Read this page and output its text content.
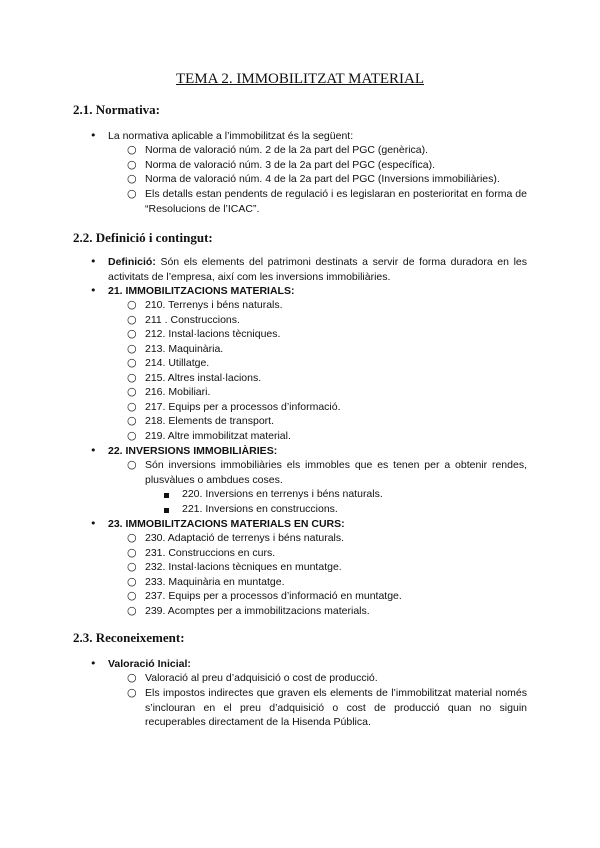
TEMA 2. IMMOBILITZAT MATERIAL
2.1. Normativa:
• La normativa aplicable a l’immobilitzat és la següent:
○ Norma de valoració núm. 2 de la 2a part del PGC (genèrica).
○ Norma de valoració núm. 3 de la 2a part del PGC (específica).
○ Norma de valoració núm. 4 de la 2a part del PGC (Inversions immobiliàries).
○ Els detalls estan pendents de regulació i es legislaran en posterioritat en forma de “Resolucions de l’ICAC”.
2.2. Definició i contingut:
• Definició: Són els elements del patrimoni destinats a servir de forma duradora en les activitats de l’empresa, així com les inversions immobiliàries.
• 21. IMMOBILITZACIONS MATERIALS:
○ 210. Terrenys i béns naturals.
○ 211 . Construccions.
○ 212. Instal·lacions tècniques.
○ 213. Maquinària.
○ 214. Utillatge.
○ 215. Altres instal·lacions.
○ 216. Mobiliari.
○ 217. Equips per a processos d’informació.
○ 218. Elements de transport.
○ 219. Altre immobilitzat material.
• 22. INVERSIONS IMMOBILIÀRIES:
○ Són inversions immobiliàries els immobles que es tenen per a obtenir rendes, plusvàlues o ambdues coses.
220. Inversions en terrenys i béns naturals.
221. Inversions en construccions.
• 23. IMMOBILITZACIONS MATERIALS EN CURS:
○ 230. Adaptació de terrenys i béns naturals.
○ 231. Construccions en curs.
○ 232. Instal·lacions tècniques en muntatge.
○ 233. Maquinària en muntatge.
○ 237. Equips per a processos d’informació en muntatge.
○ 239. Acomptes per a immobilitzacions materials.
2.3. Reconeixement:
• Valoració Inicial:
○ Valoració al preu d’adquisició o cost de producció.
○ Els impostos indirectes que graven els elements de l’immobilitzat material només s’inclouran en el preu d’adquisició o cost de producció quan no siguin recuperables directament de la Hisenda Pública.
